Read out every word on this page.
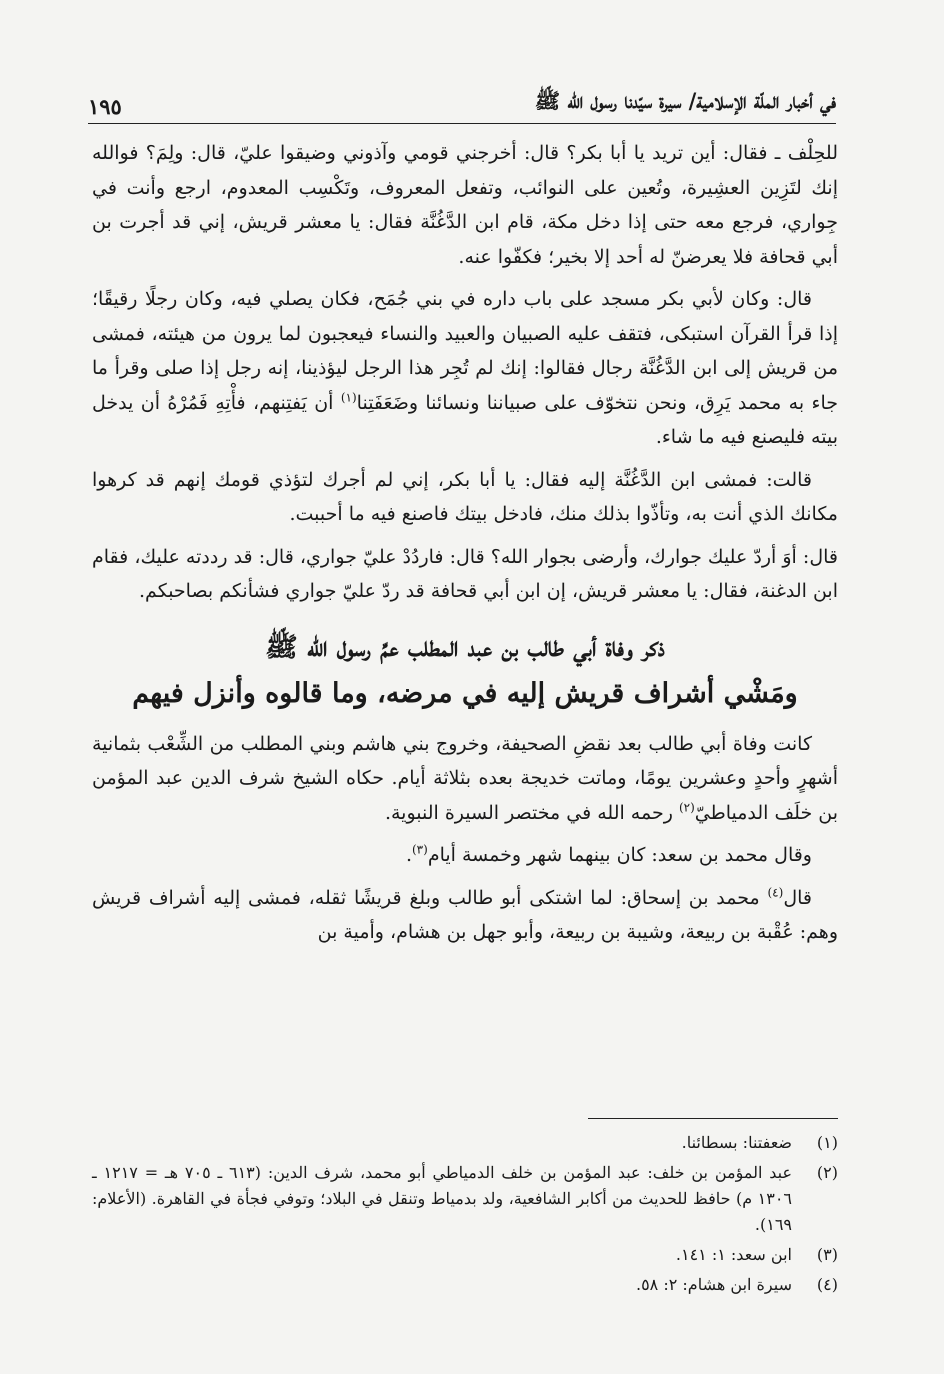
في أخبار الملّة الإسلامية/ سيرة سيّدنا رسول الله ﷺ
١٩٥

للحِلْف ـ فقال: أين تريد يا أبا بكر؟ قال: أخرجني قومي وآذوني وضيقوا عليّ، قال: ولِمَ؟ فوالله إنك لتَزِين العشِيرة، وتُعين على النوائب، وتفعل المعروف، وتَكْسِب المعدوم، ارجع وأنت في جِواري، فرجع معه حتى إذا دخل مكة، قام ابن الدَّغُنَّة فقال: يا معشر قريش، إني قد أجرت بن أبي قحافة فلا يعرضنّ له أحد إلا بخير؛ فكفّوا عنه.

قال: وكان لأبي بكر مسجد على باب داره في بني جُمَح، فكان يصلي فيه، وكان رجلًا رقيقًا؛ إذا قرأ القرآن استبكى، فتقف عليه الصبيان والعبيد والنساء فيعجبون لما يرون من هيئته، فمشى من قريش إلى ابن الدَّغُنَّة رجال فقالوا: إنك لم تُجِر هذا الرجل ليؤذينا، إنه رجل إذا صلى وقرأ ما جاء به محمد يَرِق، ونحن نتخوّف على صبياننا ونسائنا وضَعَفَتِنا$^{(١)}$ أن يَفتِنهم، فأْتِهِ فَمُرْهُ أن يدخل بيته فليصنع فيه ما شاء.

قالت: فمشى ابن الدَّغُنَّة إليه فقال: يا أبا بكر، إني لم أجرك لتؤذي قومك إنهم قد كرهوا مكانك الذي أنت به، وتأذّوا بذلك منك، فادخل بيتك فاصنع فيه ما أحببت.

قال: أوَ أردّ عليك جوارك، وأرضى بجوار الله؟ قال: فاردُدْ عليّ جواري، قال: قد رددته عليك، فقام ابن الدغنة، فقال: يا معشر قريش، إن ابن أبي قحافة قد ردّ عليّ جواري فشأنكم بصاحبكم.

ذكر وفاة أبي طالب بن عبد المطلب عمِّ رسول الله ﷺ
ومَشْي أشراف قريش إليه في مرضه، وما قالوه وأنزل فيهم

كانت وفاة أبي طالب بعد نقضِ الصحيفة، وخروج بني هاشم وبني المطلب من الشِّعْب بثمانية أشهرٍ وأحدٍ وعشرين يومًا، وماتت خديجة بعده بثلاثة أيام. حكاه الشيخ شرف الدين عبد المؤمن بن خلَف الدمياطيّ$^{(٢)}$ رحمه الله في مختصر السيرة النبوية.

وقال محمد بن سعد: كان بينهما شهر وخمسة أيام$^{(٣)}$.

قال$^{(٤)}$ محمد بن إسحاق: لما اشتكى أبو طالب وبلغ قريشًا ثقله، فمشى إليه أشراف قريش وهم: عُقْبة بن ربيعة، وشيبة بن ربيعة، وأبو جهل بن هشام، وأمية بن

(١)
ضعفتنا: بسطائنا.
(٢)
عبد المؤمن بن خلف: عبد المؤمن بن خلف الدمياطي أبو محمد، شرف الدين: (٦١٣ ـ ٧٠٥ هـ = ١٢١٧ ـ ١٣٠٦ م) حافظ للحديث من أكابر الشافعية، ولد بدمياط وتنقل في البلاد؛ وتوفي فجأة في القاهرة. (الأعلام: ١٦٩).
(٣)
ابن سعد: ١: ١٤١.
(٤)
سيرة ابن هشام: ٢: ٥٨.
